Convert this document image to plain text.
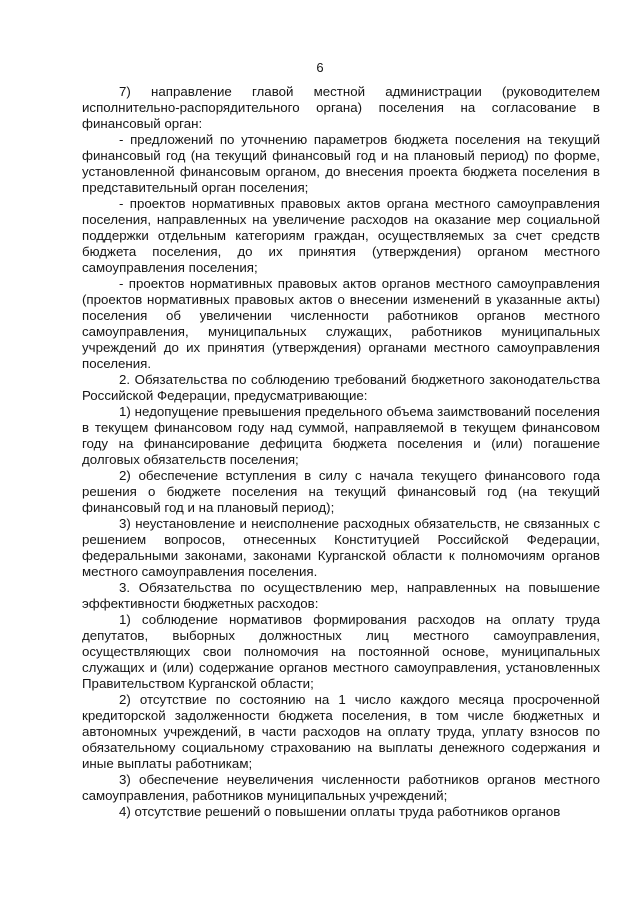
6

7) направление главой местной администрации (руководителем исполнительно-распорядительного органа) поселения на согласование в финансовый орган:

- предложений по уточнению параметров бюджета поселения на текущий финансовый год (на текущий финансовый год и на плановый период) по форме, установленной финансовым органом, до внесения проекта бюджета поселения в представительный орган поселения;

- проектов нормативных правовых актов органа местного самоуправления поселения, направленных на увеличение расходов на оказание мер социальной поддержки отдельным категориям граждан, осуществляемых за счет средств бюджета поселения, до их принятия (утверждения) органом местного самоуправления поселения;

- проектов нормативных правовых актов органов местного самоуправления (проектов нормативных правовых актов о внесении изменений в указанные акты) поселения об увеличении численности работников органов местного самоуправления, муниципальных служащих, работников муниципальных учреждений до их принятия (утверждения) органами местного самоуправления поселения.

2. Обязательства по соблюдению требований бюджетного законодательства Российской Федерации, предусматривающие:

1) недопущение превышения предельного объема заимствований поселения в текущем финансовом году над суммой, направляемой в текущем финансовом году на финансирование дефицита бюджета поселения и (или) погашение долговых обязательств поселения;

2) обеспечение вступления в силу с начала текущего финансового года решения о бюджете поселения на текущий финансовый год (на текущий финансовый год и на плановый период);

3) неустановление и неисполнение расходных обязательств, не связанных с решением вопросов, отнесенных Конституцией Российской Федерации, федеральными законами, законами Курганской области к полномочиям органов местного самоуправления поселения.

3. Обязательства по осуществлению мер, направленных на повышение эффективности бюджетных расходов:

1) соблюдение нормативов формирования расходов на оплату труда депутатов, выборных должностных лиц местного самоуправления, осуществляющих свои полномочия на постоянной основе, муниципальных служащих и (или) содержание органов местного самоуправления, установленных Правительством Курганской области;

2) отсутствие по состоянию на 1 число каждого месяца просроченной кредиторской задолженности бюджета поселения, в том числе бюджетных и автономных учреждений, в части расходов на оплату труда, уплату взносов по обязательному социальному страхованию на выплаты денежного содержания и иные выплаты работникам;

3) обеспечение неувеличения численности работников органов местного самоуправления, работников муниципальных учреждений;

4) отсутствие решений о повышении оплаты труда работников органов
